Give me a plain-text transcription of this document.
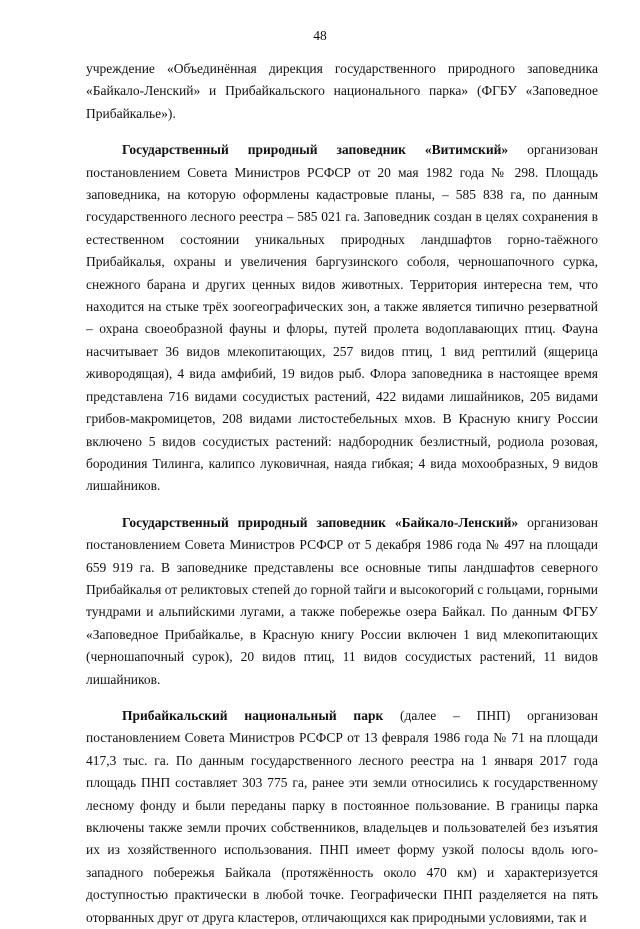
48

учреждение «Объединённая дирекция государственного природного заповедника «Байкало-Ленский» и Прибайкальского национального парка» (ФГБУ «Заповедное Прибайкалье»).

Государственный природный заповедник «Витимский» организован постановлением Совета Министров РСФСР от 20 мая 1982 года № 298. Площадь заповедника, на которую оформлены кадастровые планы, – 585 838 га, по данным государственного лесного реестра – 585 021 га. Заповедник создан в целях сохранения в естественном состоянии уникальных природных ландшафтов горно-таёжного Прибайкалья, охраны и увеличения баргузинского соболя, черношапочного сурка, снежного барана и других ценных видов животных. Территория интересна тем, что находится на стыке трёх зоогеографических зон, а также является типично резерватной – охрана своеобразной фауны и флоры, путей пролета водоплавающих птиц. Фауна насчитывает 36 видов млекопитающих, 257 видов птиц, 1 вид рептилий (ящерица живородящая), 4 вида амфибий, 19 видов рыб. Флора заповедника в настоящее время представлена 716 видами сосудистых растений, 422 видами лишайников, 205 видами грибов-макромицетов, 208 видами листостебельных мхов. В Красную книгу России включено 5 видов сосудистых растений: надбородник безлистный, родиола розовая, бородиния Тилинга, калипсо луковичная, наяда гибкая; 4 вида мохообразных, 9 видов лишайников.

Государственный природный заповедник «Байкало-Ленский» организован постановлением Совета Министров РСФСР от 5 декабря 1986 года № 497 на площади 659 919 га. В заповеднике представлены все основные типы ландшафтов северного Прибайкалья от реликтовых степей до горной тайги и высокогорий с гольцами, горными тундрами и альпийскими лугами, а также побережье озера Байкал. По данным ФГБУ «Заповедное Прибайкалье, в Красную книгу России включен 1 вид млекопитающих (черношапочный сурок), 20 видов птиц, 11 видов сосудистых растений, 11 видов лишайников.

Прибайкальский национальный парк (далее – ПНП) организован постановлением Совета Министров РСФСР от 13 февраля 1986 года № 71 на площади 417,3 тыс. га. По данным государственного лесного реестра на 1 января 2017 года площадь ПНП составляет 303 775 га, ранее эти земли относились к государственному лесному фонду и были переданы парку в постоянное пользование. В границы парка включены также земли прочих собственников, владельцев и пользователей без изъятия их из хозяйственного использования. ПНП имеет форму узкой полосы вдоль юго-западного побережья Байкала (протяжённость около 470 км) и характеризуется доступностью практически в любой точке. Географически ПНП разделяется на пять оторванных друг от друга кластеров, отличающихся как природными условиями, так и
